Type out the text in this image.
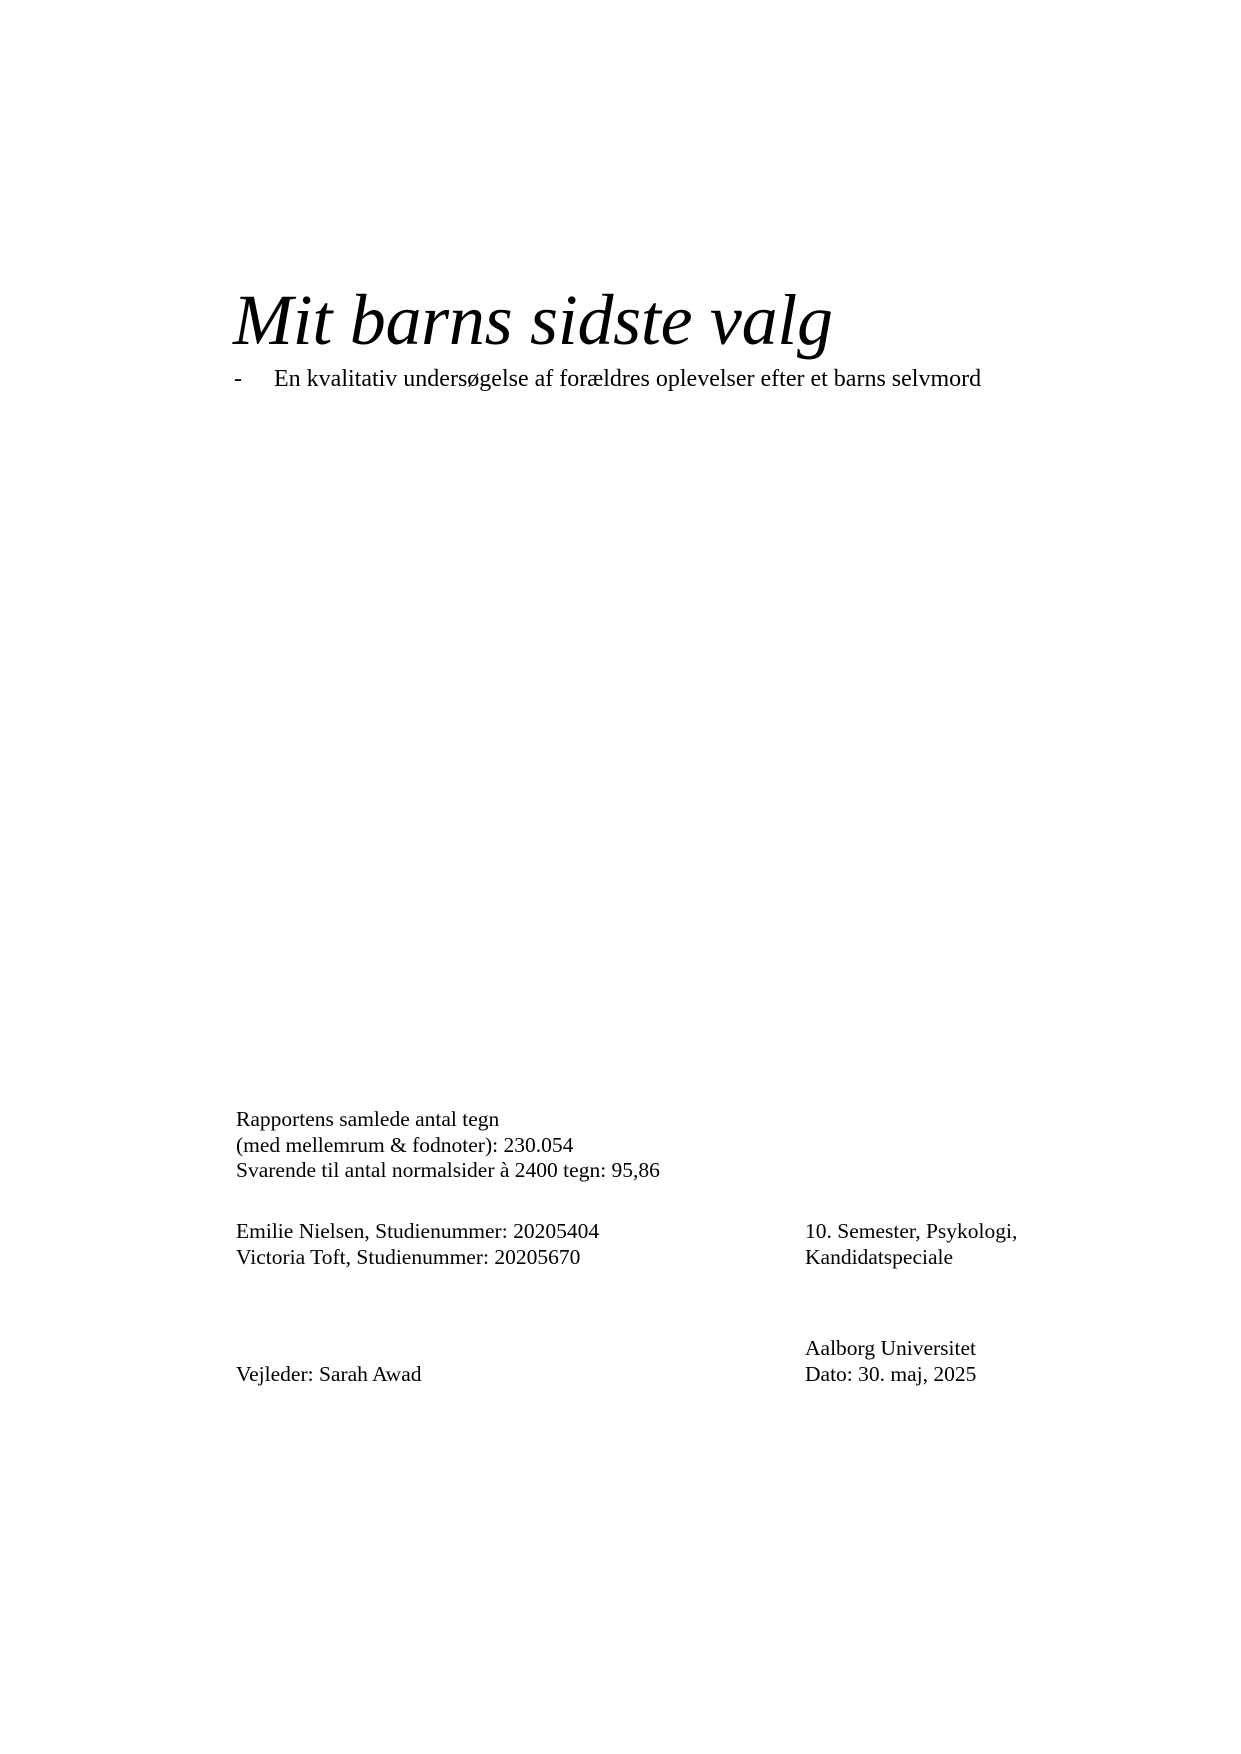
Mit barns sidste valg
- En kvalitativ undersøgelse af forældres oplevelser efter et barns selvmord
Rapportens samlede antal tegn
(med mellemrum & fodnoter): 230.054
Svarende til antal normalsider à 2400 tegn: 95,86
Emilie Nielsen, Studienummer: 20205404
Victoria Toft, Studienummer: 20205670
10. Semester, Psykologi,
Kandidatspeciale
Vejleder: Sarah Awad
Aalborg Universitet
Dato: 30. maj, 2025
